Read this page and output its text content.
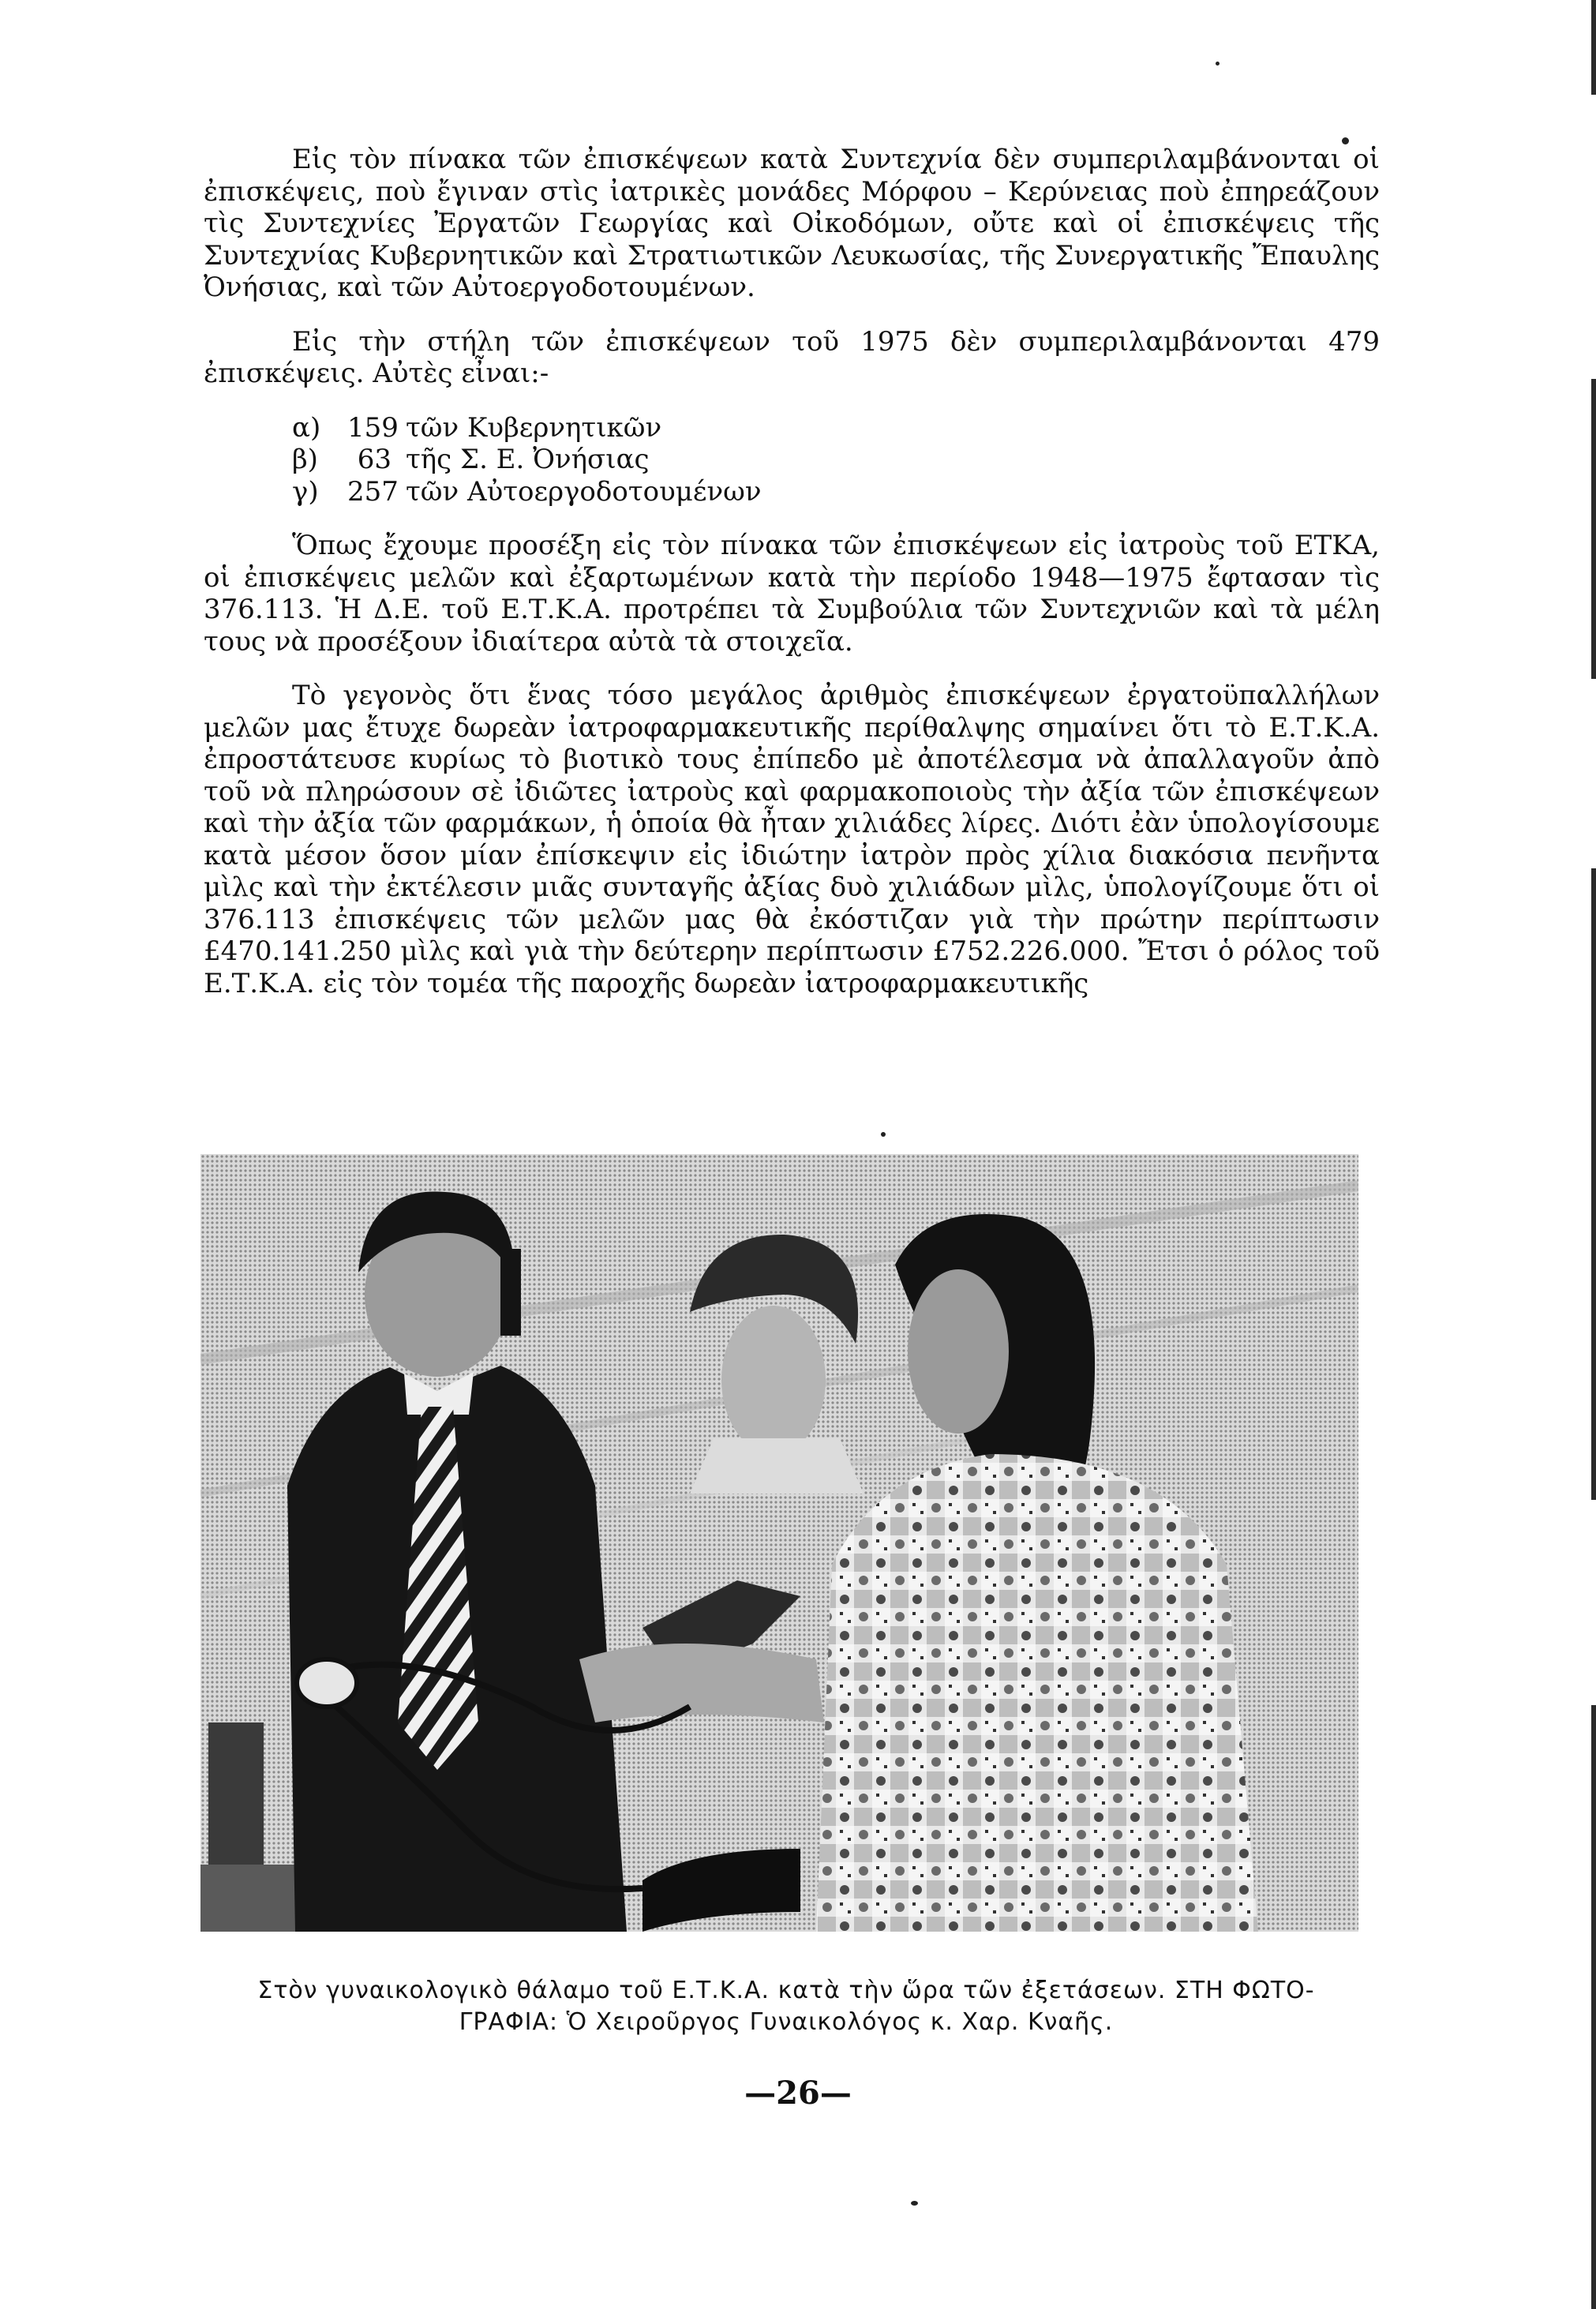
Εἰς τὸν πίνακα τῶν ἐπισκέψεων κατὰ Συντεχνία δὲν συμπεριλαμβάνονται οἱ ἐπισκέψεις, ποὺ ἔγιναν στὶς ἰατρικὲς μονάδες Μόρφου – Κερύνειας ποὺ ἐπηρεάζουν τὶς Συντεχνίες Ἐργατῶν Γεωργίας καὶ Οἰκοδόμων, οὔτε καὶ οἱ ἐπισκέψεις τῆς Συντεχνίας Κυβερνητικῶν καὶ Στρατιωτικῶν Λευκωσίας, τῆς Συνεργατικῆς Ἔπαυλης Ὀνήσιας, καὶ τῶν Αὐτοεργοδοτουμένων.

Εἰς τὴν στήλη τῶν ἐπισκέψεων τοῦ 1975 δὲν συμπεριλαμβάνονται 479 ἐπισκέψεις. Αὐτὲς εἶναι:-

α) 159 τῶν Κυβερνητικῶν
β) 63 τῆς Σ. Ε. Ὀνήσιας
γ) 257 τῶν Αὐτοεργοδοτουμένων

Ὅπως ἔχουμε προσέξη εἰς τὸν πίνακα τῶν ἐπισκέψεων εἰς ἰατροὺς τοῦ ΕΤΚΑ, οἱ ἐπισκέψεις μελῶν καὶ ἐξαρτωμένων κατὰ τὴν περίοδο 1948—1975 ἔφτασαν τὶς 376.113. Ἡ Δ.Ε. τοῦ Ε.Τ.Κ.Α. προτρέπει τὰ Συμβούλια τῶν Συντεχνιῶν καὶ τὰ μέλη τους νὰ προσέξουν ἰδιαίτερα αὐτὰ τὰ στοιχεῖα.

Τὸ γεγονὸς ὅτι ἕνας τόσο μεγάλος ἀριθμὸς ἐπισκέψεων ἐργατοϋπαλλήλων μελῶν μας ἔτυχε δωρεὰν ἰατροφαρμακευτικῆς περίθαλψης σημαίνει ὅτι τὸ Ε.Τ.Κ.Α. ἐπροστάτευσε κυρίως τὸ βιοτικὸ τους ἐπίπεδο μὲ ἀποτέλεσμα νὰ ἀπαλλαγοῦν ἀπὸ τοῦ νὰ πληρώσουν σὲ ἰδιῶτες ἰατροὺς καὶ φαρμακοποιοὺς τὴν ἀξία τῶν ἐπισκέψεων καὶ τὴν ἀξία τῶν φαρμάκων, ἡ ὁποία θὰ ἦταν χιλιάδες λίρες. Διότι ἐὰν ὑπολογίσουμε κατὰ μέσον ὅσον μίαν ἐπίσκεψιν εἰς ἰδιώτην ἰατρὸν πρὸς χίλια διακόσια πενῆντα μὶλς καὶ τὴν ἐκτέλεσιν μιᾶς συνταγῆς ἀξίας δυὸ χιλιάδων μὶλς, ὑπολογίζουμε ὅτι οἱ 376.113 ἐπισκέψεις τῶν μελῶν μας θὰ ἐκόστιζαν γιὰ τὴν πρώτην περίπτωσιν £470.141.250 μὶλς καὶ γιὰ τὴν δεύτερην περίπτωσιν £752.226.000. Ἔτσι ὁ ρόλος τοῦ Ε.Τ.Κ.Α. εἰς τὸν τομέα τῆς παροχῆς δωρεὰν ἰατροφαρμακευτικῆς

Στὸν γυναικολογικὸ θάλαμο τοῦ Ε.Τ.Κ.Α. κατὰ τὴν ὥρα τῶν ἐξετάσεων. ΣΤΗ ΦΩΤΟ-
ΓΡΑΦΙΑ: Ὁ Χειροῦργος Γυναικολόγος κ. Χαρ. Κναῆς.
—26—
